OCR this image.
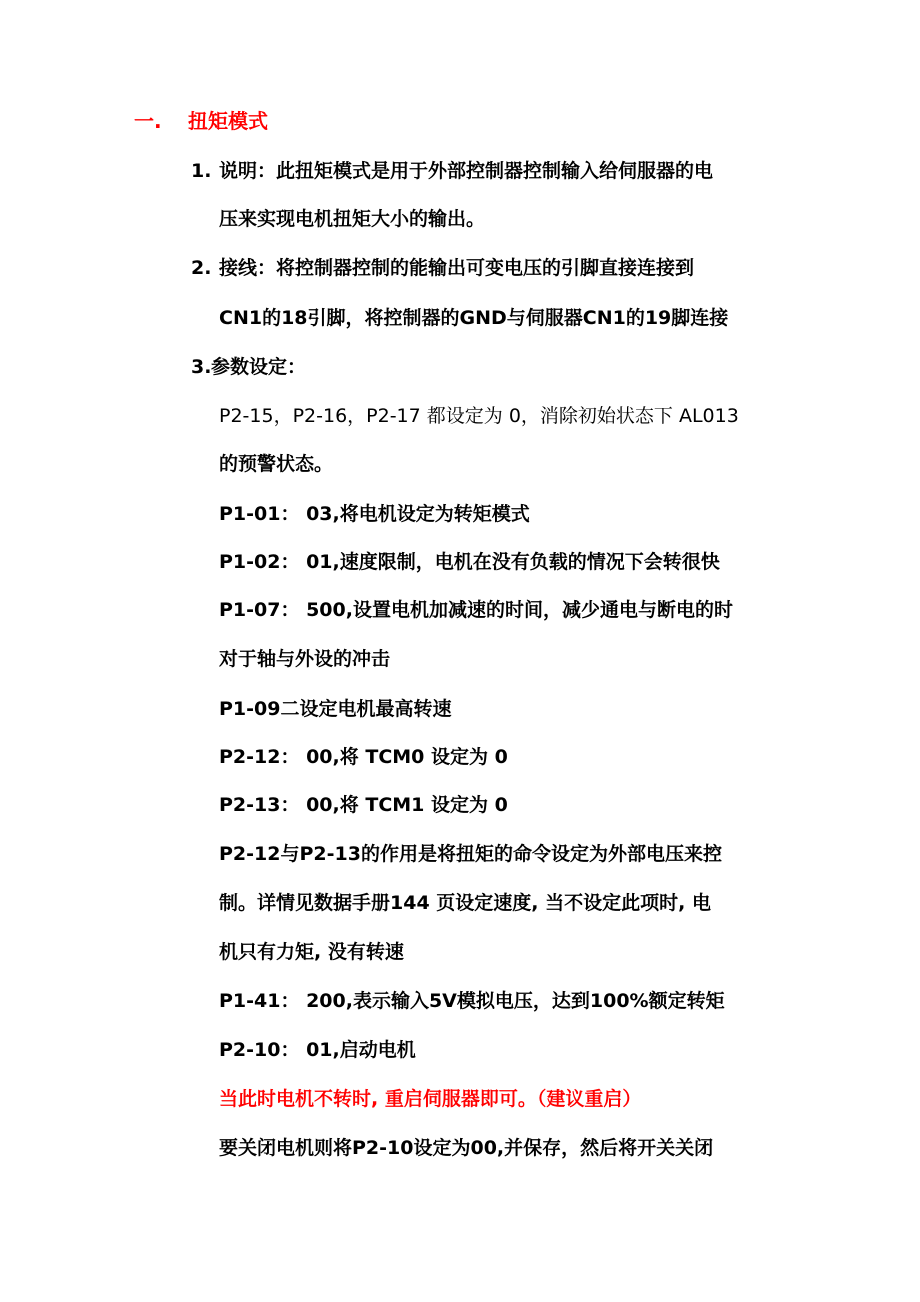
一. 扭矩模式
1. 说明：此扭矩模式是用于外部控制器控制输入给伺服器的电
压来实现电机扭矩大小的输出。
2. 接线：将控制器控制的能输出可变电压的引脚直接连接到
CN1的18引脚，将控制器的GND与伺服器CN1的19脚连接
3.参数设定：
P2-15，P2-16，P2-17 都设定为 0，消除初始状态下 AL013
的预警状态。
P1-01： 03,将电机设定为转矩模式
P1-02： 01,速度限制，电机在没有负载的情况下会转很快
P1-07： 500,设置电机加减速的时间，减少通电与断电的时
对于轴与外设的冲击
P1-09二设定电机最高转速
P2-12： 00,将 TCM0 设定为 0
P2-13： 00,将 TCM1 设定为 0
P2-12与P2-13的作用是将扭矩的命令设定为外部电压来控
制。详情见数据手册144 页设定速度, 当不设定此项时, 电
机只有力矩, 没有转速
P1-41： 200,表示输入5V模拟电压，达到100%额定转矩
P2-10： 01,启动电机
当此时电机不转时, 重启伺服器即可。（建议重启）
要关闭电机则将P2-10设定为00,并保存，然后将开关关闭
